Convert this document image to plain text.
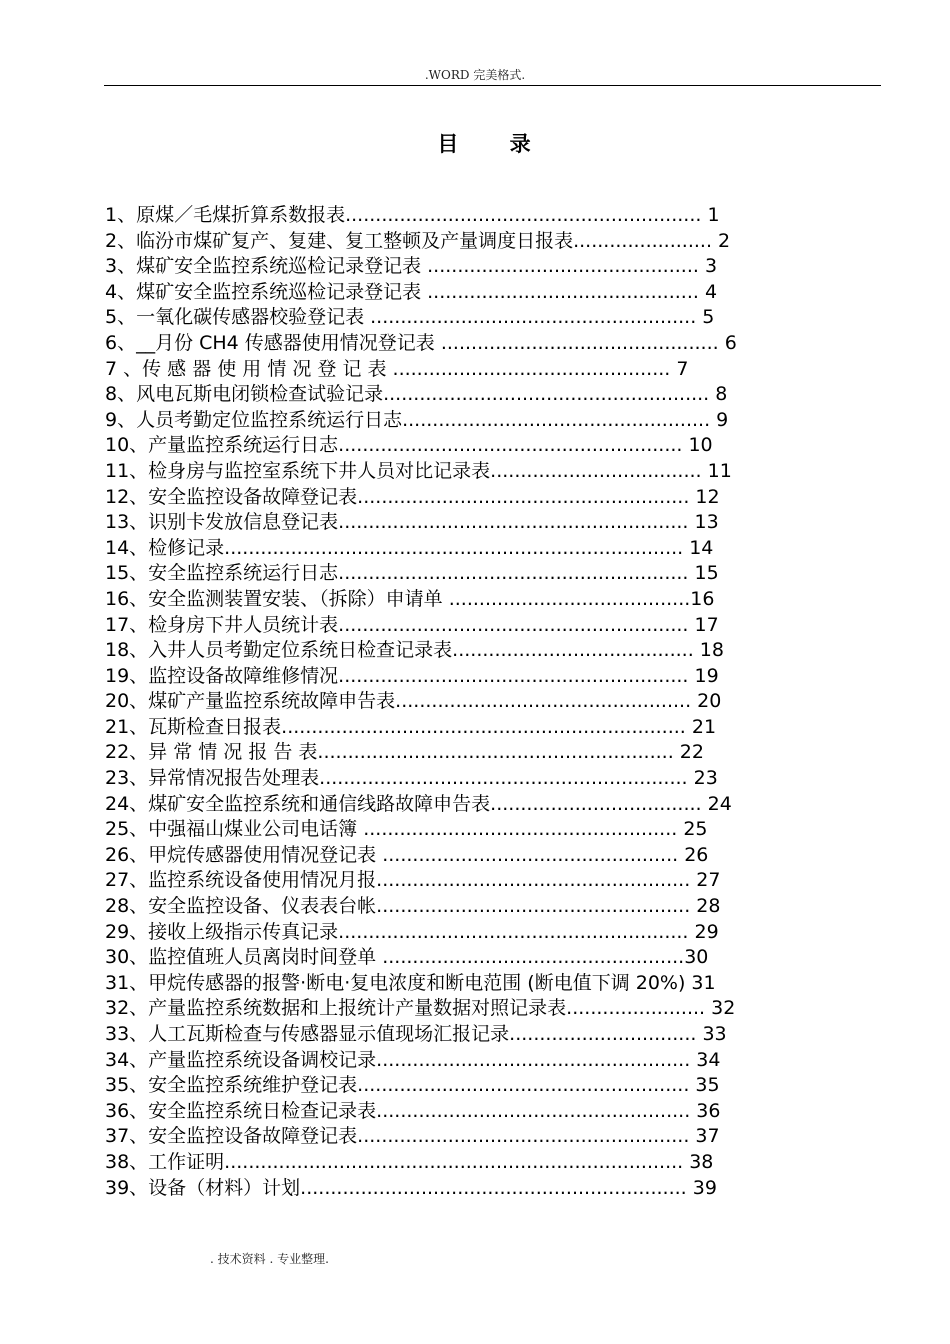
.WORD 完美格式.
目 录
1、原煤／毛煤折算系数报表........................................................... 1
2、临汾市煤矿复产、复建、复工整顿及产量调度日报表....................... 2
3、煤矿安全监控系统巡检记录登记表 ............................................. 3
4、煤矿安全监控系统巡检记录登记表 ............................................. 4
5、一氧化碳传感器校验登记表 ...................................................... 5
6、__月份 CH4 传感器使用情况登记表 .............................................. 6
7 、传 感 器 使 用 情 况 登 记 表 .............................................. 7
8、风电瓦斯电闭锁检查试验记录...................................................... 8
9、人员考勤定位监控系统运行日志................................................... 9
10、产量监控系统运行日志......................................................... 10
11、检身房与监控室系统下井人员对比记录表................................... 11
12、安全监控设备故障登记表....................................................... 12
13、识别卡发放信息登记表.......................................................... 13
14、检修记录............................................................................ 14
15、安全监控系统运行日志.......................................................... 15
16、安全监测装置安装、（拆除）申请单 ........................................16
17、检身房下井人员统计表.......................................................... 17
18、入井人员考勤定位系统日检查记录表........................................ 18
19、监控设备故障维修情况.......................................................... 19
20、煤矿产量监控系统故障申告表................................................. 20
21、瓦斯检查日报表................................................................... 21
22、异 常 情 况 报 告 表........................................................... 22
23、异常情况报告处理表............................................................. 23
24、煤矿安全监控系统和通信线路故障申告表................................... 24
25、中强福山煤业公司电话簿 .................................................... 25
26、甲烷传感器使用情况登记表 ................................................. 26
27、监控系统设备使用情况月报.................................................... 27
28、安全监控设备、仪表表台帐.................................................... 28
29、接收上级指示传真记录.......................................................... 29
30、监控值班人员离岗时间登单 ..................................................30
31、甲烷传感器的报警·断电·复电浓度和断电范围 (断电值下调 20%) 31
32、产量监控系统数据和上报统计产量数据对照记录表....................... 32
33、人工瓦斯检查与传感器显示值现场汇报记录............................... 33
34、产量监控系统设备调校记录.................................................... 34
35、安全监控系统维护登记表....................................................... 35
36、安全监控系统日检查记录表.................................................... 36
37、安全监控设备故障登记表....................................................... 37
38、工作证明............................................................................ 38
39、设备（材料）计划................................................................ 39
. 技术资料 . 专业整理.
